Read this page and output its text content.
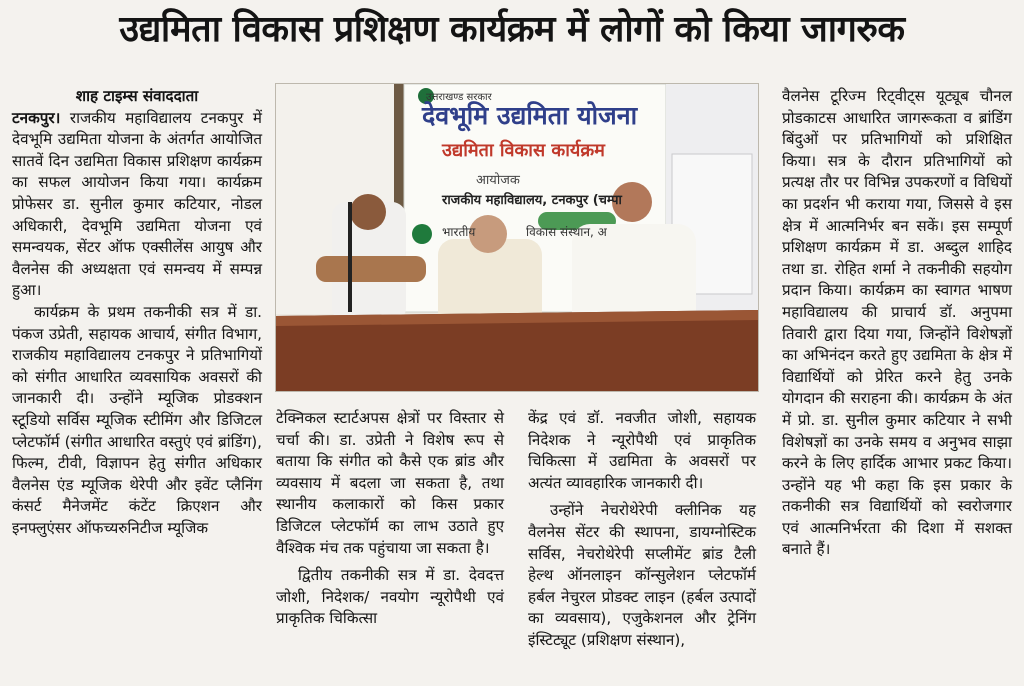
उद्यमिता विकास प्रशिक्षण कार्यक्रम में लोगों को किया जागरुक

शाह टाइम्स संवाददाता

टनकपुर। राजकीय महाविद्यालय टनकपुर में देवभूमि उद्यमिता योजना के अंतर्गत आयोजित सातवें दिन उद्यमिता विकास प्रशिक्षण कार्यक्रम का सफल आयोजन किया गया। कार्यक्रम प्रोफेसर डा. सुनील कुमार कटियार, नोडल अधिकारी, देवभूमि उद्यमिता योजना एवं समन्वयक, सेंटर ऑफ एक्सीलेंस आयुष और वैलनेस की अध्यक्षता एवं समन्वय में सम्पन्न हुआ।

कार्यक्रम के प्रथम तकनीकी सत्र में डा. पंकज उप्रेती, सहायक आचार्य, संगीत विभाग, राजकीय महाविद्यालय टनकपुर ने प्रतिभागियों को संगीत आधारित व्यवसायिक अवसरों की जानकारी दी। उन्होंने म्यूजिक प्रोडक्शन स्टूडियो सर्विस म्यूजिक स्टीमिंग और डिजिटल प्लेटफॉर्म (संगीत आधारित वस्तुएं एवं ब्रांडिंग), फिल्म, टीवी, विज्ञापन हेतु संगीत अधिकार वैलनेस एंड म्यूजिक थेरेपी और इवेंट प्लैनिंग कंसर्ट मैनेजमेंट कंटेंट क्रिएशन और इनफ्लुएंसर ऑफच्यरुनिटीज म्यूजिक

उत्तराखण्ड सरकार
देवभूमि उद्यमिता योजना
उद्यमिता विकास कार्यक्रम
आयोजक
राजकीय महाविद्यालय, टनकपुर (चम्पा
भारतीय	विकास संस्थान, अ

टेक्निकल स्टार्टअपस क्षेत्रों पर विस्तार से चर्चा की। डा. उप्रेती ने विशेष रूप से बताया कि संगीत को कैसे एक ब्रांड और व्यवसाय में बदला जा सकता है, तथा स्थानीय कलाकारों को किस प्रकार डिजिटल प्लेटफॉर्म का लाभ उठाते हुए वैश्विक मंच तक पहुंचाया जा सकता है।

द्वितीय तकनीकी सत्र में डा. देवदत्त जोशी, निदेशक/ नवयोग न्यूरोपैथी एवं प्राकृतिक चिकित्सा

केंद्र एवं डॉ. नवजीत जोशी, सहायक निदेशक ने न्यूरोपैथी एवं प्राकृतिक चिकित्सा में उद्यमिता के अवसरों पर अत्यंत व्यावहारिक जानकारी दी।

उन्होंने नेचरोथेरेपी क्लीनिक यह वैलनेस सेंटर की स्थापना, डायग्नोस्टिक सर्विस, नेचरोथेरेपी सप्लीमेंट ब्रांड टैली हेल्थ ऑनलाइन कॉन्सुलेशन प्लेटफॉर्म हर्बल नेचुरल प्रोडक्ट लाइन (हर्बल उत्पादों का व्यवसाय), एजुकेशनल और ट्रेनिंग इंस्टिट्यूट (प्रशिक्षण संस्थान),

वैलनेस टूरिज्म रिट्वीट्स यूट्यूब चौनल प्रोडकाटस आधारित जागरूकता व ब्रांडिंग बिंदुओं पर प्रतिभागियों को प्रशिक्षित किया। सत्र के दौरान प्रतिभागियों को प्रत्यक्ष तौर पर विभिन्न उपकरणों व विधियों का प्रदर्शन भी कराया गया, जिससे वे इस क्षेत्र में आत्मनिर्भर बन सकें। इस सम्पूर्ण प्रशिक्षण कार्यक्रम में डा. अब्दुल शाहिद तथा डा. रोहित शर्मा ने तकनीकी सहयोग प्रदान किया। कार्यक्रम का स्वागत भाषण महाविद्यालय की प्राचार्य डॉ. अनुपमा तिवारी द्वारा दिया गया, जिन्होंने विशेषज्ञों का अभिनंदन करते हुए उद्यमिता के क्षेत्र में विद्यार्थियों को प्रेरित करने हेतु उनके योगदान की सराहना की। कार्यक्रम के अंत में प्रो. डा. सुनील कुमार कटियार ने सभी विशेषज्ञों का उनके समय व अनुभव साझा करने के लिए हार्दिक आभार प्रकट किया। उन्होंने यह भी कहा कि इस प्रकार के तकनीकी सत्र विद्यार्थियों को स्वरोजगार एवं आत्मनिर्भरता की दिशा में सशक्त बनाते हैं।
